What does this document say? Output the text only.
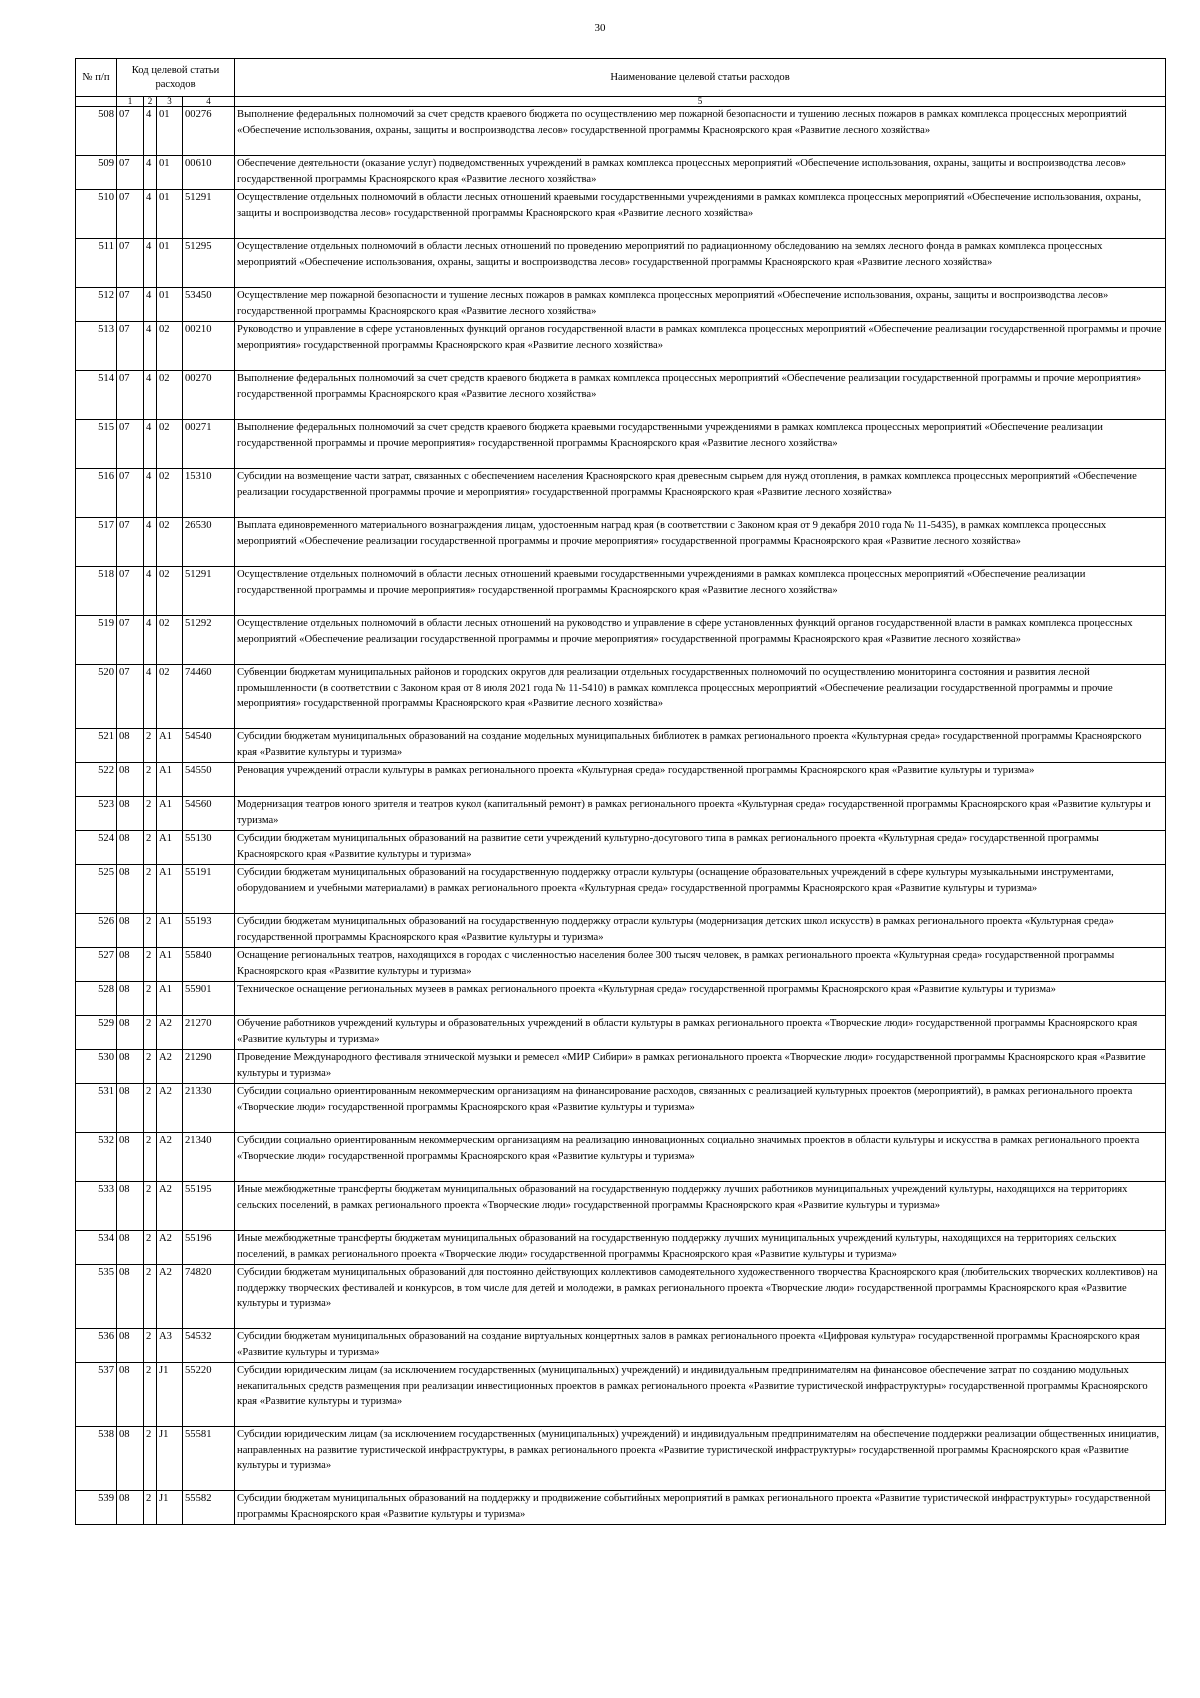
30
№ п/п	Код целевой статьи расходов				Наименование целевой статьи расходов

	1	2	3	4	5
508	07	4	01	00276	Выполнение федеральных полномочий за счет средств краевого бюджета по осуществлению мер пожарной безопасности и тушению лесных пожаров в рамках комплекса процессных мероприятий «Обеспечение использования, охраны, защиты и воспроизводства лесов» государственной программы Красноярского края «Развитие лесного хозяйства»
509	07	4	01	00610	Обеспечение деятельности (оказание услуг) подведомственных учреждений в рамках комплекса процессных мероприятий «Обеспечение использования, охраны, защиты и воспроизводства лесов» государственной программы Красноярского края «Развитие лесного хозяйства»
510	07	4	01	51291	Осуществление отдельных полномочий в области лесных отношений краевыми государственными учреждениями в рамках комплекса процессных мероприятий «Обеспечение использования, охраны, защиты и воспроизводства лесов» государственной программы Красноярского края «Развитие лесного хозяйства»
511	07	4	01	51295	Осуществление отдельных полномочий в области лесных отношений по проведению мероприятий по радиационному обследованию на землях лесного фонда в рамках комплекса процессных мероприятий «Обеспечение использования, охраны, защиты и воспроизводства лесов» государственной программы Красноярского края «Развитие лесного хозяйства»
512	07	4	01	53450	Осуществление мер пожарной безопасности и тушение лесных пожаров в рамках комплекса процессных мероприятий «Обеспечение использования, охраны, защиты и воспроизводства лесов» государственной программы Красноярского края «Развитие лесного хозяйства»
513	07	4	02	00210	Руководство и управление в сфере установленных функций органов государственной власти в рамках комплекса процессных мероприятий «Обеспечение реализации государственной программы и прочие мероприятия» государственной программы Красноярского края «Развитие лесного хозяйства»
514	07	4	02	00270	Выполнение федеральных полномочий за счет средств краевого бюджета в рамках комплекса процессных мероприятий «Обеспечение реализации государственной программы и прочие мероприятия» государственной программы Красноярского края «Развитие лесного хозяйства»
515	07	4	02	00271	Выполнение федеральных полномочий за счет средств краевого бюджета краевыми государственными учреждениями в рамках комплекса процессных мероприятий «Обеспечение реализации государственной программы и прочие мероприятия» государственной программы Красноярского края «Развитие лесного хозяйства»
516	07	4	02	15310	Субсидии на возмещение части затрат, связанных с обеспечением населения Красноярского края древесным сырьем для нужд отопления, в рамках комплекса процессных мероприятий «Обеспечение реализации государственной программы прочие и мероприятия» государственной программы Красноярского края «Развитие лесного хозяйства»
517	07	4	02	26530	Выплата единовременного материального вознаграждения лицам, удостоенным наград края (в соответствии с Законом края от 9 декабря 2010 года № 11-5435), в рамках комплекса процессных мероприятий «Обеспечение реализации государственной программы и прочие мероприятия» государственной программы Красноярского края «Развитие лесного хозяйства»
518	07	4	02	51291	Осуществление отдельных полномочий в области лесных отношений краевыми государственными учреждениями в рамках комплекса процессных мероприятий «Обеспечение реализации государственной программы и прочие мероприятия» государственной программы Красноярского края «Развитие лесного хозяйства»
519	07	4	02	51292	Осуществление отдельных полномочий в области лесных отношений на руководство и управление в сфере установленных функций органов государственной власти в рамках комплекса процессных мероприятий «Обеспечение реализации государственной программы и прочие мероприятия» государственной программы Красноярского края «Развитие лесного хозяйства»
520	07	4	02	74460	Субвенции бюджетам муниципальных районов и городских округов для реализации отдельных государственных полномочий по осуществлению мониторинга состояния и развития лесной промышленности (в соответствии с Законом края от 8 июля 2021 года № 11-5410) в рамках комплекса процессных мероприятий «Обеспечение реализации государственной программы и прочие мероприятия» государственной программы Красноярского края «Развитие лесного хозяйства»
521	08	2	A1	54540	Субсидии бюджетам муниципальных образований на создание модельных муниципальных библиотек в рамках регионального проекта «Культурная среда» государственной программы Красноярского края «Развитие культуры и туризма»
522	08	2	A1	54550	Реновация учреждений отрасли культуры в рамках регионального проекта «Культурная среда» государственной программы Красноярского края «Развитие культуры и туризма»
523	08	2	A1	54560	Модернизация театров юного зрителя и театров кукол (капитальный ремонт) в рамках регионального проекта «Культурная среда» государственной программы Красноярского края «Развитие культуры и туризма»
524	08	2	A1	55130	Субсидии бюджетам муниципальных образований на развитие сети учреждений культурно-досугового типа в рамках регионального проекта «Культурная среда» государственной программы Красноярского края «Развитие культуры и туризма»
525	08	2	A1	55191	Субсидии бюджетам муниципальных образований на государственную поддержку отрасли культуры (оснащение образовательных учреждений в сфере культуры музыкальными инструментами, оборудованием и учебными материалами) в рамках регионального проекта «Культурная среда» государственной программы Красноярского края «Развитие культуры и туризма»
526	08	2	A1	55193	Субсидии бюджетам муниципальных образований на государственную поддержку отрасли культуры (модернизация детских школ искусств) в рамках регионального проекта «Культурная среда» государственной программы Красноярского края «Развитие культуры и туризма»
527	08	2	A1	55840	Оснащение региональных театров, находящихся в городах с численностью населения более 300 тысяч человек, в рамках регионального проекта «Культурная среда» государственной программы Красноярского края «Развитие культуры и туризма»
528	08	2	A1	55901	Техническое оснащение региональных музеев в рамках регионального проекта «Культурная среда» государственной программы Красноярского края «Развитие культуры и туризма»
529	08	2	A2	21270	Обучение работников учреждений культуры и образовательных учреждений в области культуры в рамках регионального проекта «Творческие люди» государственной программы Красноярского края «Развитие культуры и туризма»
530	08	2	A2	21290	Проведение Международного фестиваля этнической музыки и ремесел «МИР Сибири» в рамках регионального проекта «Творческие люди» государственной программы Красноярского края «Развитие культуры и туризма»
531	08	2	A2	21330	Субсидии социально ориентированным некоммерческим организациям на финансирование расходов, связанных с реализацией культурных проектов (мероприятий), в рамках регионального проекта «Творческие люди» государственной программы Красноярского края «Развитие культуры и туризма»
532	08	2	A2	21340	Субсидии социально ориентированным некоммерческим организациям на реализацию инновационных социально значимых проектов в области культуры и искусства в рамках регионального проекта «Творческие люди» государственной программы Красноярского края «Развитие культуры и туризма»
533	08	2	A2	55195	Иные межбюджетные трансферты бюджетам муниципальных образований на государственную поддержку лучших работников муниципальных учреждений культуры, находящихся на территориях сельских поселений, в рамках регионального проекта «Творческие люди» государственной программы Красноярского края «Развитие культуры и туризма»
534	08	2	A2	55196	Иные межбюджетные трансферты бюджетам муниципальных образований на государственную поддержку лучших муниципальных учреждений культуры, находящихся на территориях сельских поселений, в рамках регионального проекта «Творческие люди» государственной программы Красноярского края «Развитие культуры и туризма»
535	08	2	A2	74820	Субсидии бюджетам муниципальных образований для постоянно действующих коллективов самодеятельного художественного творчества Красноярского края (любительских творческих коллективов) на поддержку творческих фестивалей и конкурсов, в том числе для детей и молодежи, в рамках регионального проекта «Творческие люди» государственной программы Красноярского края «Развитие культуры и туризма»
536	08	2	A3	54532	Субсидии бюджетам муниципальных образований на создание виртуальных концертных залов в рамках регионального проекта «Цифровая культура» государственной программы Красноярского края «Развитие культуры и туризма»
537	08	2	J1	55220	Субсидии юридическим лицам (за исключением государственных (муниципальных) учреждений) и индивидуальным предпринимателям на финансовое обеспечение затрат по созданию модульных некапитальных средств размещения при реализации инвестиционных проектов в рамках регионального проекта «Развитие туристической инфраструктуры» государственной программы Красноярского края «Развитие культуры и туризма»
538	08	2	J1	55581	Субсидии юридическим лицам (за исключением государственных (муниципальных) учреждений) и индивидуальным предпринимателям на обеспечение поддержки реализации общественных инициатив, направленных на развитие туристической инфраструктуры, в рамках регионального проекта «Развитие туристической инфраструктуры» государственной программы Красноярского края «Развитие культуры и туризма»
539	08	2	J1	55582	Субсидии бюджетам муниципальных образований на поддержку и продвижение событийных мероприятий в рамках регионального проекта «Развитие туристической инфраструктуры» государственной программы Красноярского края «Развитие культуры и туризма»
